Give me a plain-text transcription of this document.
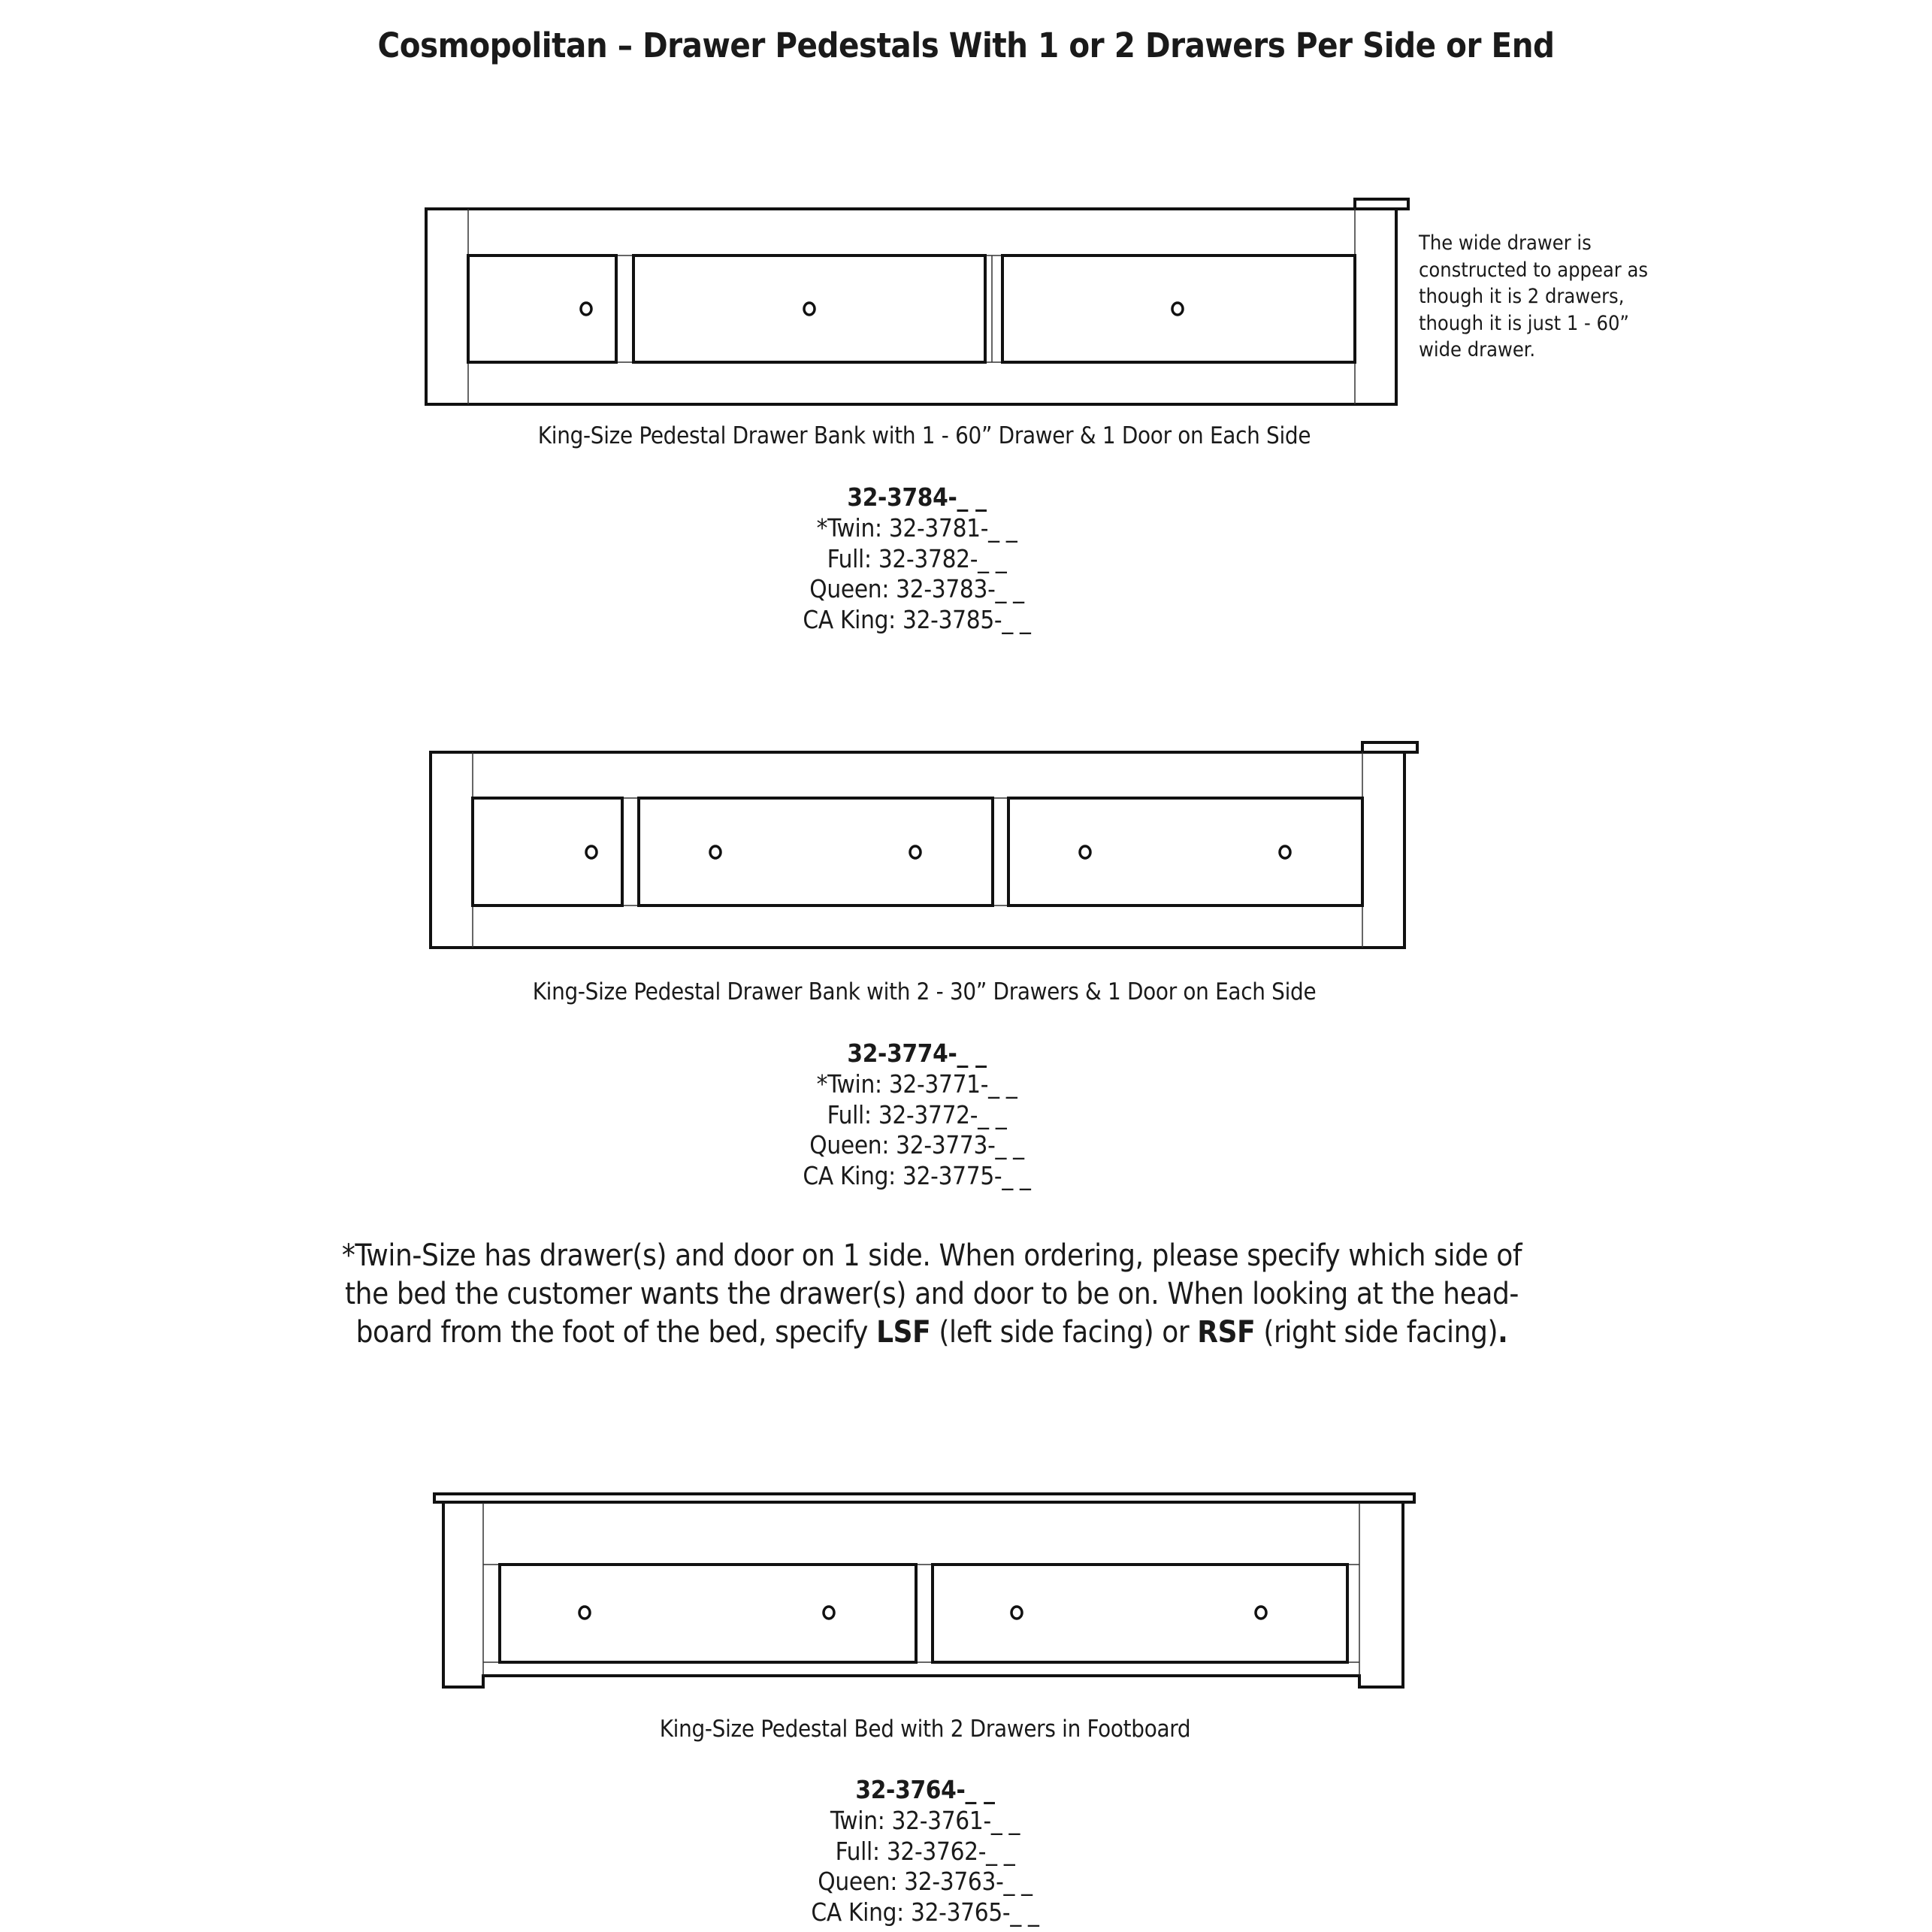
Cosmopolitan – Drawer Pedestals With 1 or 2 Drawers Per Side or End
The wide drawer is
constructed to appear as
though it is 2 drawers,
though it is just 1 - 60”
wide drawer.
King-Size Pedestal Drawer Bank with 1 - 60” Drawer & 1 Door on Each Side
32-3784-_ _
*Twin: 32-3781-_ _
Full: 32-3782-_ _
Queen: 32-3783-_ _
CA King: 32-3785-_ _
King-Size Pedestal Drawer Bank with 2 - 30” Drawers & 1 Door on Each Side
32-3774-_ _
*Twin: 32-3771-_ _
Full: 32-3772-_ _
Queen: 32-3773-_ _
CA King: 32-3775-_ _
*Twin-Size has drawer(s) and door on 1 side. When ordering, please specify which side of
the bed the customer wants the drawer(s) and door to be on. When looking at the head-
board from the foot of the bed, specify LSF (left side facing) or RSF (right side facing).
King-Size Pedestal Bed with 2 Drawers in Footboard
32-3764-_ _
Twin: 32-3761-_ _
Full: 32-3762-_ _
Queen: 32-3763-_ _
CA King: 32-3765-_ _
